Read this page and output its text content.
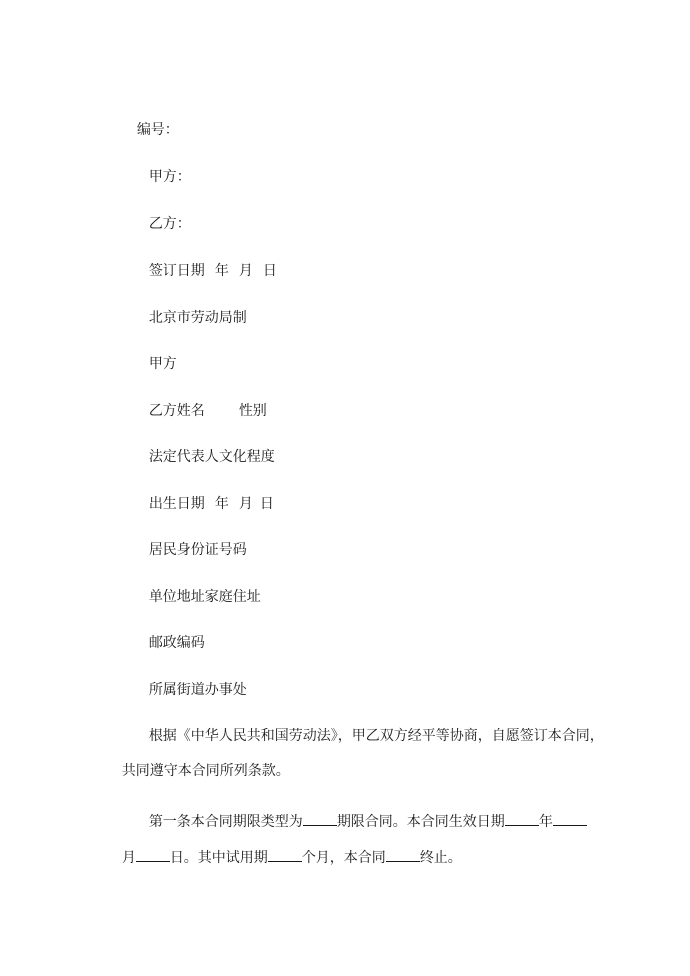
编号：

甲方：

乙方：

签订日期 年 月 日

北京市劳动局制

甲方

乙方姓名 性别

法定代表人文化程度

出生日期 年 月 日

居民身份证号码

单位地址家庭住址

邮政编码

所属街道办事处

根据《中华人民共和国劳动法》，甲乙双方经平等协商，自愿签订本合同，

共同遵守本合同所列条款。

第一条本合同期限类型为 期限合同。本合同生效日期 年

月 日。其中试用期 个月，本合同 终止。
